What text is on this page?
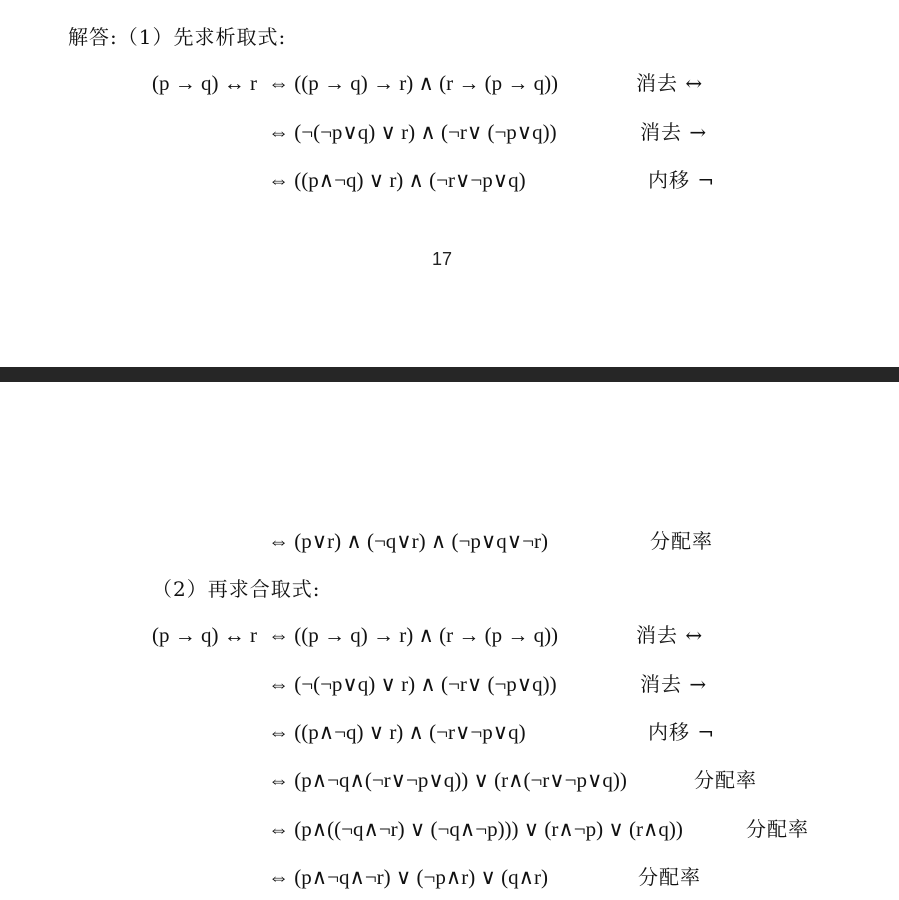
解答:（1）先求析取式:
(p → q) ↔ r ⇔ ((p → q) → r) ∧ (r → (p → q))	消去 ↔
⇔ (¬(¬p∨q) ∨ r) ∧ (¬r∨ (¬p∨q))	消去 →
⇔ ((p∧¬q) ∨ r) ∧ (¬r∨¬p∨q)	内移 ¬
17
⇔ (p∨r) ∧ (¬q∨r) ∧ (¬p∨q∨¬r)	分配率
（2）再求合取式:
(p → q) ↔ r ⇔ ((p → q) → r) ∧ (r → (p → q))	消去 ↔
⇔ (¬(¬p∨q) ∨ r) ∧ (¬r∨ (¬p∨q))	消去 →
⇔ ((p∧¬q) ∨ r) ∧ (¬r∨¬p∨q)	内移 ¬
⇔ (p∧¬q∧(¬r∨¬p∨q)) ∨ (r∧(¬r∨¬p∨q))	分配率
⇔ (p∧((¬q∧¬r) ∨ (¬q∧¬p))) ∨ (r∧¬p) ∨ (r∧q))	分配率
⇔ (p∧¬q∧¬r) ∨ (¬p∧r) ∨ (q∧r)	分配率
